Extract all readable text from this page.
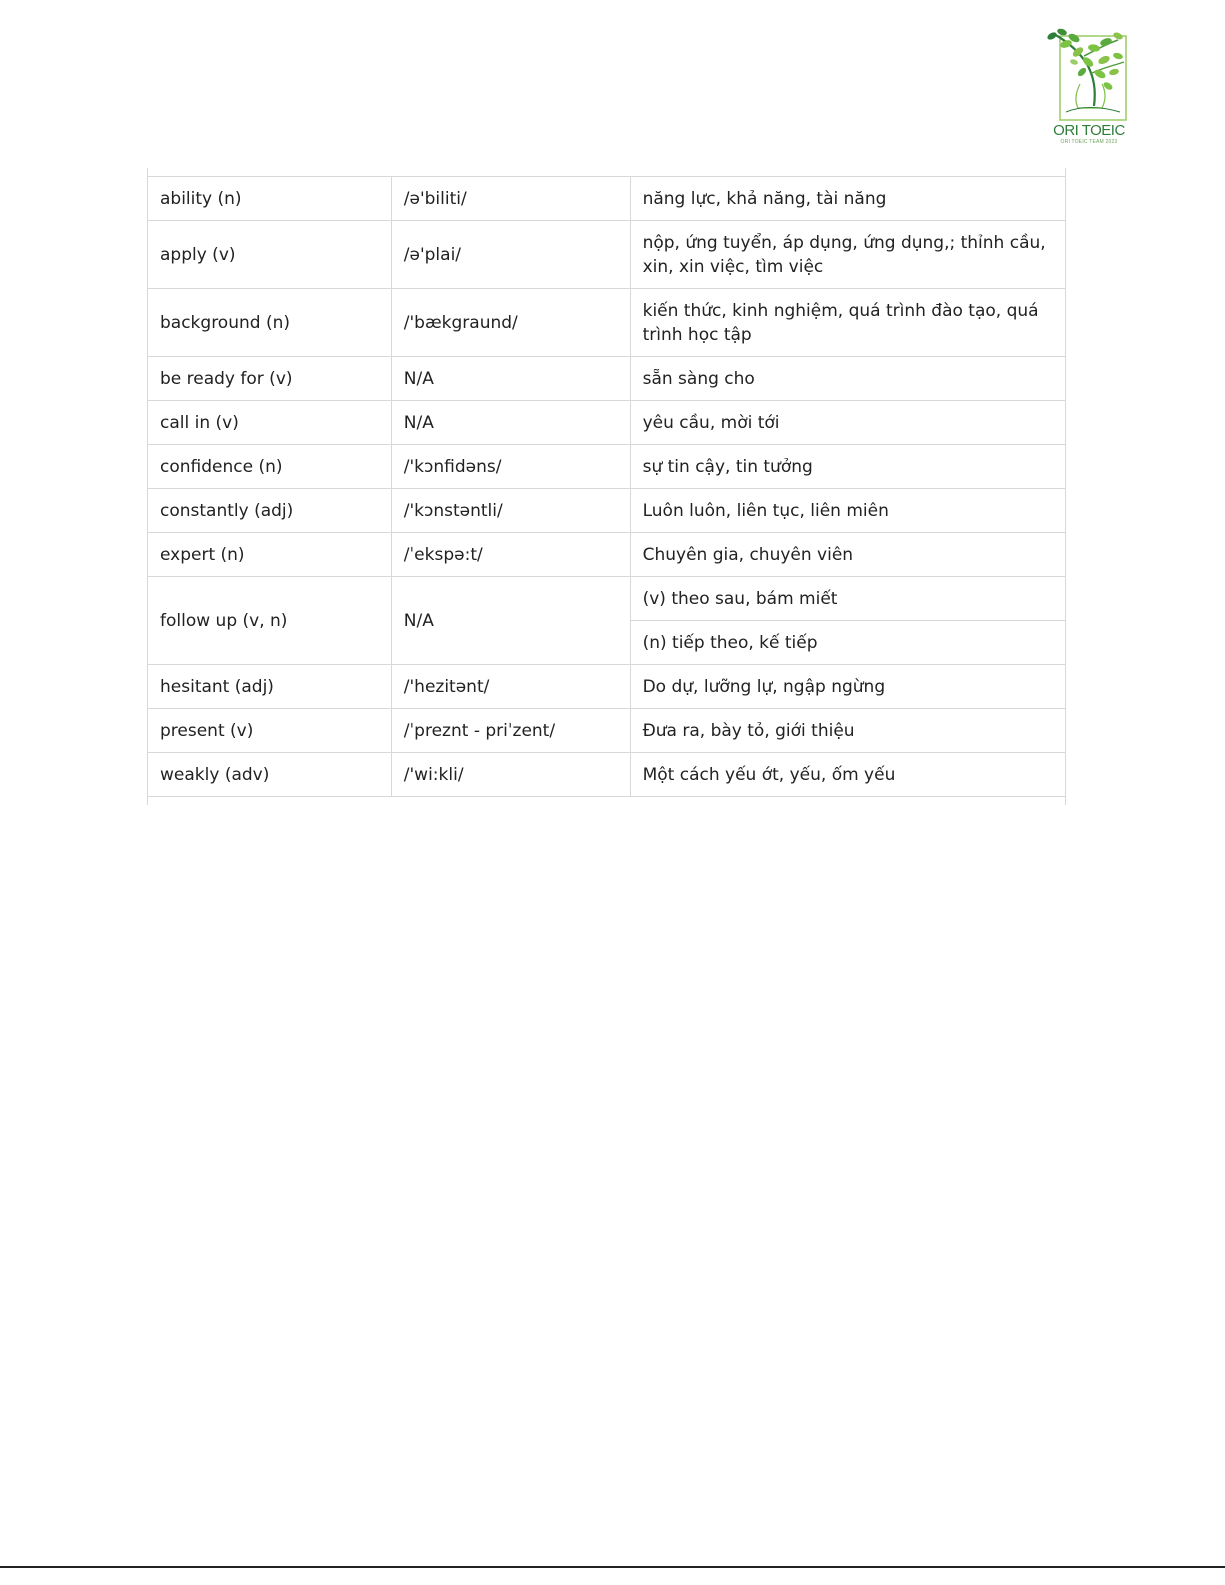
ORI TOEIC
ORI TOEIC TEAM 2023
ability (n)	/ə'biliti/	năng lực, khả năng, tài năng
apply (v)	/ə'plai/	nộp, ứng tuyển, áp dụng, ứng dụng,; thỉnh cầu, xin, xin việc, tìm việc
background (n)	/'bækgraund/	kiến thức, kinh nghiệm, quá trình đào tạo, quá trình học tập
be ready for (v)	N/A	sẵn sàng cho
call in (v)	N/A	yêu cầu, mời tới
confidence (n)	/'kɔnfidəns/	sự tin cậy, tin tưởng
constantly (adj)	/'kɔnstəntli/	Luôn luôn, liên tục, liên miên
expert (n)	/ˈekspə:t/	Chuyên gia, chuyên viên
follow up (v, n)	N/A	(v) theo sau, bám miết
		(n) tiếp theo, kế tiếp
hesitant (adj)	/'hezitənt/	Do dự, lưỡng lự, ngập ngừng
present (v)	/ˈpreznt - priˈzent/	Đưa ra, bày tỏ, giới thiệu
weakly (adv)	/'wi:kli/	Một cách yếu ớt, yếu, ốm yếu
